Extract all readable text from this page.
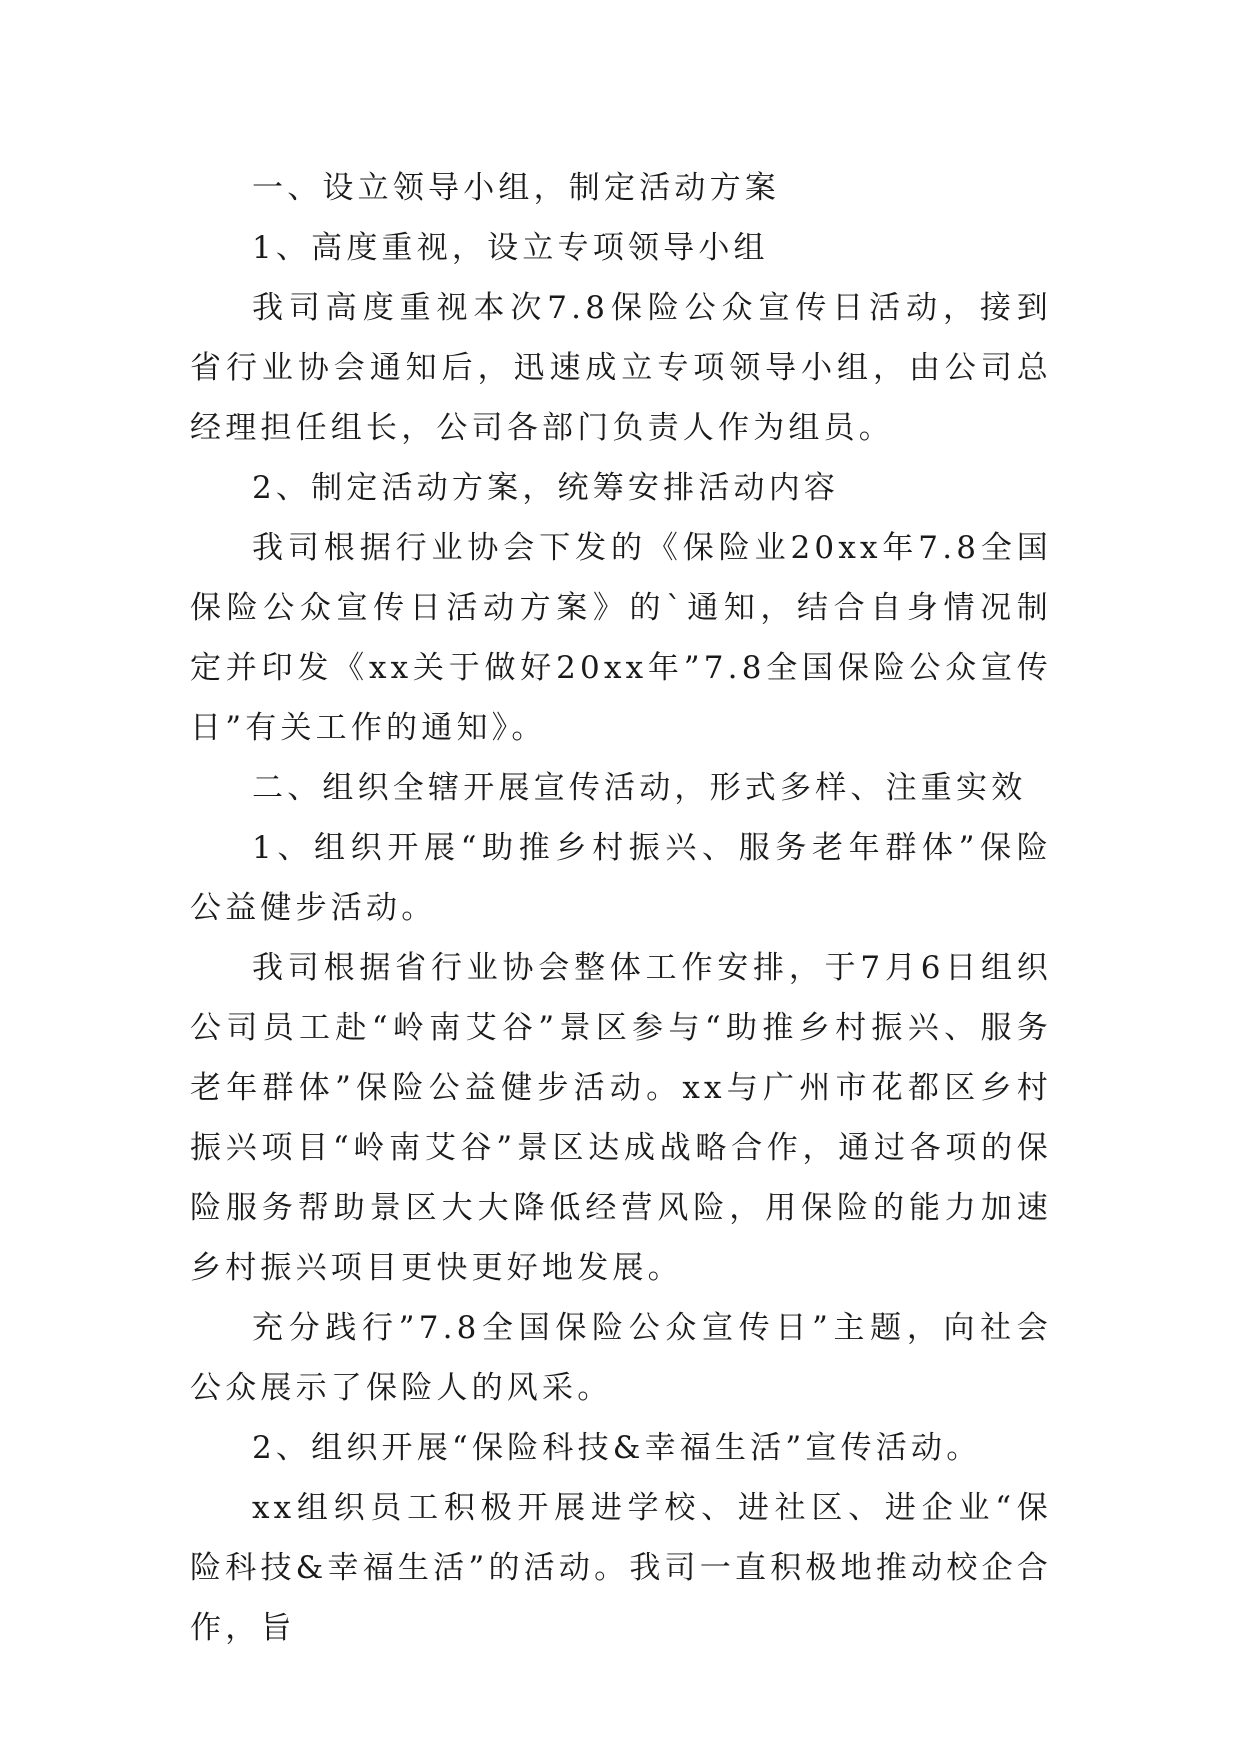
一、设立领导小组，制定活动方案

1、高度重视，设立专项领导小组

我司高度重视本次7.8保险公众宣传日活动，接到省行业协会通知后，迅速成立专项领导小组，由公司总经理担任组长，公司各部门负责人作为组员。

2、制定活动方案，统筹安排活动内容

我司根据行业协会下发的《保险业20xx年7.8全国保险公众宣传日活动方案》的`通知，结合自身情况制定并印发《xx关于做好20xx年”7.8全国保险公众宣传日”有关工作的通知》。

二、组织全辖开展宣传活动，形式多样、注重实效

1、组织开展“助推乡村振兴、服务老年群体”保险公益健步活动。

我司根据省行业协会整体工作安排，于7月6日组织公司员工赴“岭南艾谷”景区参与“助推乡村振兴、服务老年群体”保险公益健步活动。xx与广州市花都区乡村振兴项目“岭南艾谷”景区达成战略合作，通过各项的保险服务帮助景区大大降低经营风险，用保险的能力加速乡村振兴项目更快更好地发展。

充分践行”7.8全国保险公众宣传日”主题，向社会公众展示了保险人的风采。

2、组织开展“保险科技&幸福生活”宣传活动。

xx组织员工积极开展进学校、进社区、进企业“保险科技&幸福生活”的活动。我司一直积极地推动校企合作，旨
